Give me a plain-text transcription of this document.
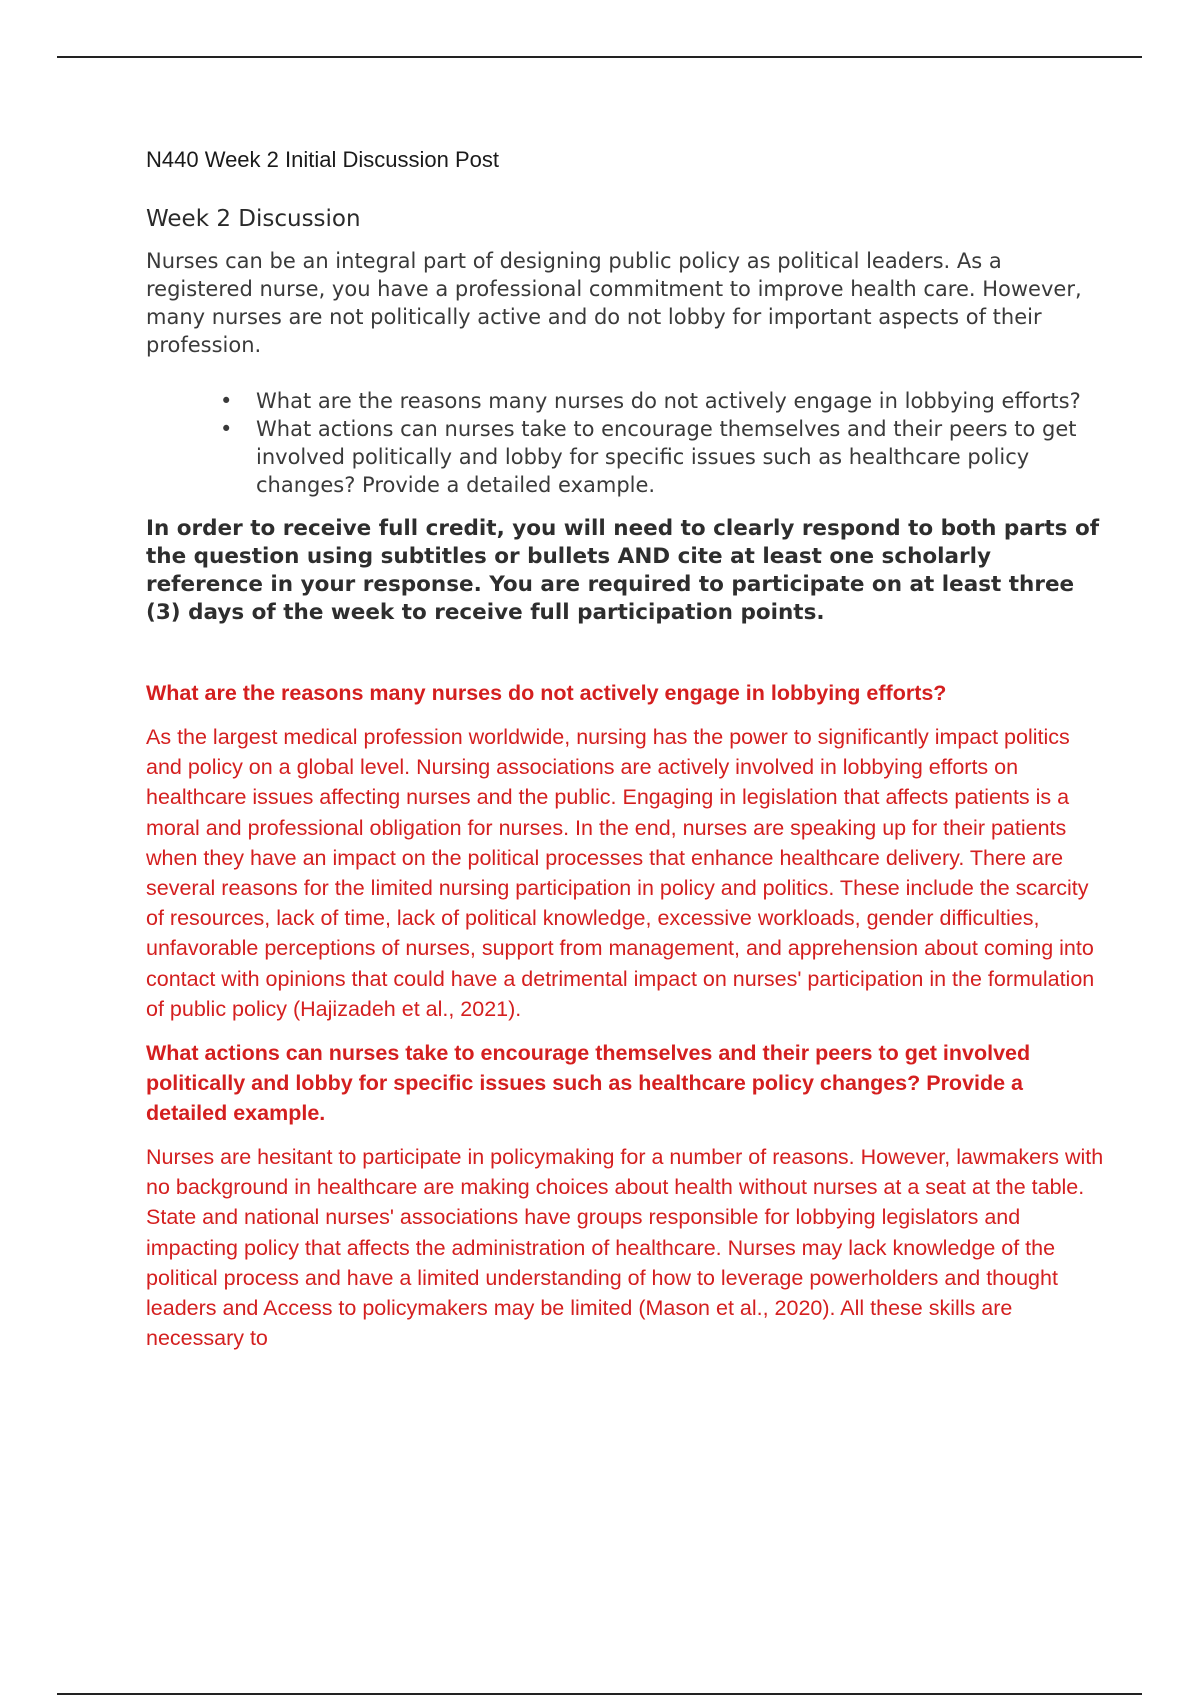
N440 Week 2 Initial Discussion Post

Week 2 Discussion

Nurses can be an integral part of designing public policy as political leaders. As a registered nurse, you have a professional commitment to improve health care. However, many nurses are not politically active and do not lobby for important aspects of their profession.

• What are the reasons many nurses do not actively engage in lobbying efforts?
• What actions can nurses take to encourage themselves and their peers to get involved politically and lobby for specific issues such as healthcare policy changes? Provide a detailed example.

In order to receive full credit, you will need to clearly respond to both parts of the question using subtitles or bullets AND cite at least one scholarly reference in your response. You are required to participate on at least three (3) days of the week to receive full participation points.

What are the reasons many nurses do not actively engage in lobbying efforts?

As the largest medical profession worldwide, nursing has the power to significantly impact politics and policy on a global level. Nursing associations are actively involved in lobbying efforts on healthcare issues affecting nurses and the public. Engaging in legislation that affects patients is a moral and professional obligation for nurses. In the end, nurses are speaking up for their patients when they have an impact on the political processes that enhance healthcare delivery. There are several reasons for the limited nursing participation in policy and politics. These include the scarcity of resources, lack of time, lack of political knowledge, excessive workloads, gender difficulties, unfavorable perceptions of nurses, support from management, and apprehension about coming into contact with opinions that could have a detrimental impact on nurses' participation in the formulation of public policy (Hajizadeh et al., 2021).

What actions can nurses take to encourage themselves and their peers to get involved politically and lobby for specific issues such as healthcare policy changes? Provide a detailed example.

Nurses are hesitant to participate in policymaking for a number of reasons. However, lawmakers with no background in healthcare are making choices about health without nurses at a seat at the table. State and national nurses' associations have groups responsible for lobbying legislators and impacting policy that affects the administration of healthcare. Nurses may lack knowledge of the political process and have a limited understanding of how to leverage powerholders and thought leaders and Access to policymakers may be limited (Mason et al., 2020). All these skills are necessary to
